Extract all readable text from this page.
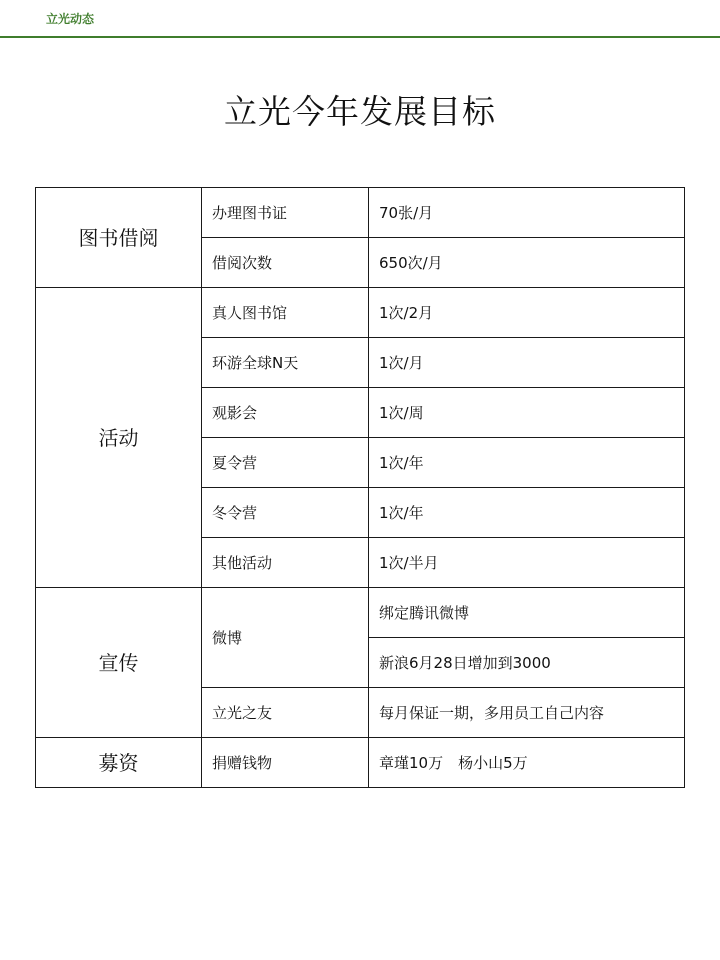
立光动态
立光今年发展目标
图书借阅	办理图书证	70张/月
	借阅次数	650次/月
活动	真人图书馆	1次/2月
	环游全球N天	1次/月
	观影会	1次/周
	夏令营	1次/年
	冬令营	1次/年
	其他活动	1次/半月
宣传	微博	绑定腾讯微博
		新浪6月28日增加到3000
	立光之友	每月保证一期，多用员工自己内容
募资	捐赠钱物	章瑾10万　杨小山5万
